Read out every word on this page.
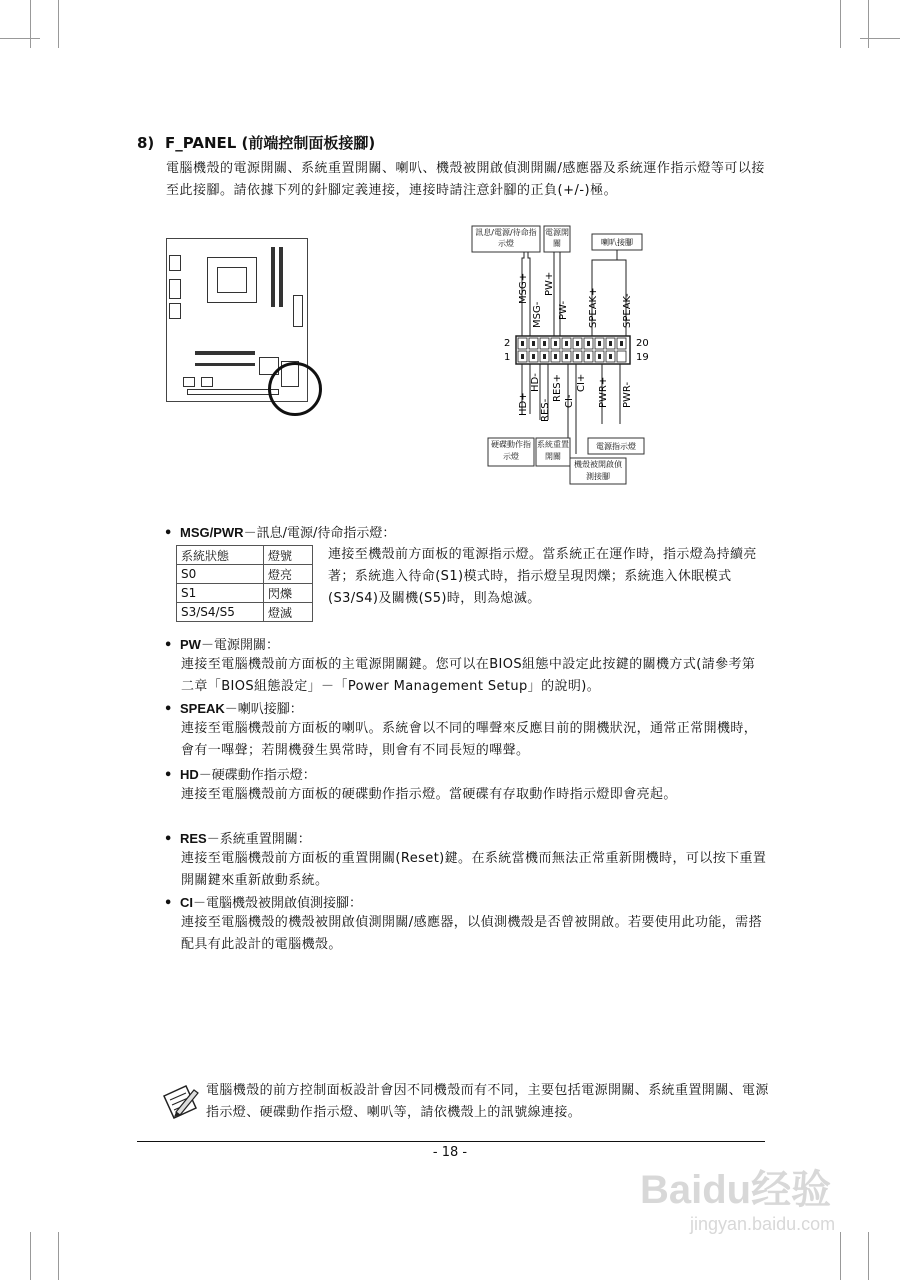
8) F_PANEL (前端控制面板接腳)
電腦機殼的電源開關、系統重置開關、喇叭、機殼被開啟偵測開關/感應器及系統運作指示燈等可以接至此接腳。請依據下列的針腳定義連接，連接時請注意針腳的正負(+/-)極。
訊息/電源/待命指示燈
電源開關	喇叭接腳
MSG+
MSG-
PW+
PW- SPEAK+ SPEAK-
2
1
20
19
HD+
HD-
RES-
RES+ CI-
CI+ PWR+ PWR-
硬碟動作指示燈
系統重置開關
電源指示燈
機殼被開啟偵測接腳
• MSG/PWR－訊息/電源/待命指示燈：
系統狀態	燈號
S0	燈亮
S1	閃爍
S3/S4/S5	燈滅
連接至機殼前方面板的電源指示燈。當系統正在運作時，指示燈為持續亮著；系統進入待命(S1)模式時，指示燈呈現閃爍；系統進入休眠模式(S3/S4)及關機(S5)時，則為熄滅。
• PW－電源開關：
連接至電腦機殼前方面板的主電源開關鍵。您可以在BIOS組態中設定此按鍵的關機方式(請參考第二章「BIOS組態設定」－「Power Management Setup」的說明)。
• SPEAK－喇叭接腳：
連接至電腦機殼前方面板的喇叭。系統會以不同的嗶聲來反應目前的開機狀況，通常正常開機時，會有一嗶聲；若開機發生異常時，則會有不同長短的嗶聲。
• HD－硬碟動作指示燈：
連接至電腦機殼前方面板的硬碟動作指示燈。當硬碟有存取動作時指示燈即會亮起。
• RES－系統重置開關：
連接至電腦機殼前方面板的重置開關(Reset)鍵。在系統當機而無法正常重新開機時，可以按下重置開關鍵來重新啟動系統。
• CI－電腦機殼被開啟偵測接腳：
連接至電腦機殼的機殼被開啟偵測開關/感應器，以偵測機殼是否曾被開啟。若要使用此功能，需搭配具有此設計的電腦機殼。
電腦機殼的前方控制面板設計會因不同機殼而有不同，主要包括電源開關、系統重置開關、電源指示燈、硬碟動作指示燈、喇叭等，請依機殼上的訊號線連接。
- 18 -
Baidu经验
jingyan.baidu.com
